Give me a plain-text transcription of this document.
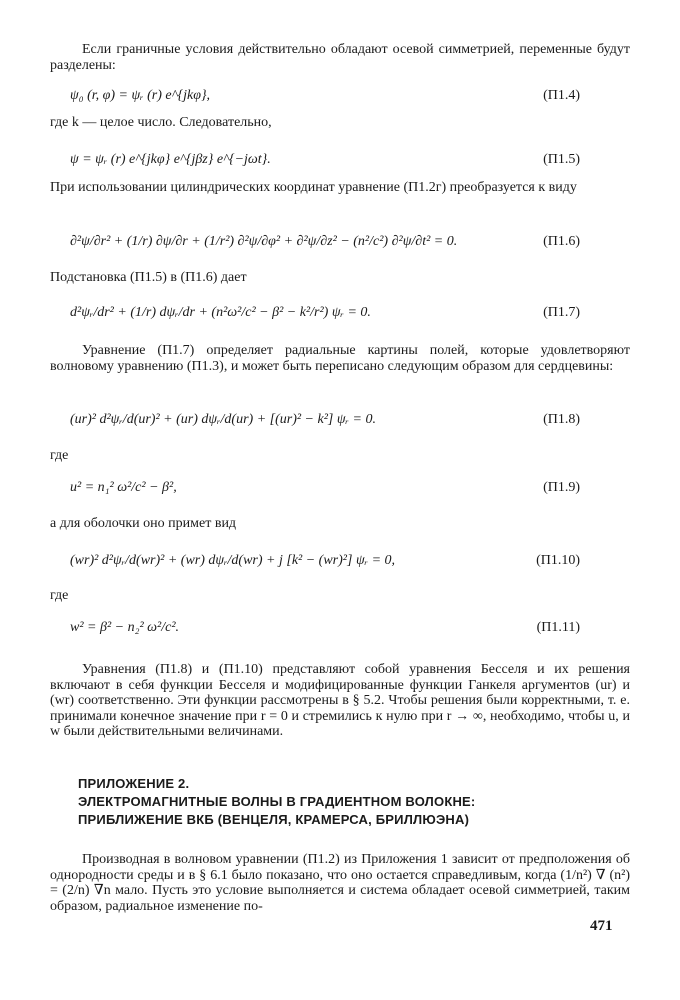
Если граничные условия действительно обладают осевой симметрией, переменные будут разделены:
ψ₀ (r, φ) = ψᵣ (r) e^{jkφ},	(П1.4)
где k — целое число. Следовательно,
ψ = ψᵣ (r) e^{jkφ} e^{jβz} e^{−jωt}.	(П1.5)
При использовании цилиндрических координат уравнение (П1.2г) преобразуется к виду
∂²ψ/∂r² + (1/r) ∂ψ/∂r + (1/r²) ∂²ψ/∂φ² + ∂²ψ/∂z² − (n²/c²) ∂²ψ/∂t² = 0.	(П1.6)
Подстановка (П1.5) в (П1.6) дает
d²ψᵣ/dr² + (1/r) dψᵣ/dr + (n²ω²/c² − β² − k²/r²) ψᵣ = 0.	(П1.7)
Уравнение (П1.7) определяет радиальные картины полей, которые удовлетворяют волновому уравнению (П1.3), и может быть переписано следующим образом для сердцевины:
(ur)² d²ψᵣ/d(ur)² + (ur) dψᵣ/d(ur) + [(ur)² − k²] ψᵣ = 0.	(П1.8)
где
u² = n₁² ω²/c² − β²,	(П1.9)
а для оболочки оно примет вид
(wr)² d²ψᵣ/d(wr)² + (wr) dψᵣ/d(wr) + j [k² − (wr)²] ψᵣ = 0,	(П1.10)
где
w² = β² − n₂² ω²/c².	(П1.11)
Уравнения (П1.8) и (П1.10) представляют собой уравнения Бесселя и их решения включают в себя функции Бесселя и модифицированные функции Ганкеля аргументов (ur) и (wr) соответственно. Эти функции рассмотрены в § 5.2. Чтобы решения были корректными, т. е. принимали конечное значение при r = 0 и стремились к нулю при r → ∞, необходимо, чтобы u, и w были действительными величинами.
ПРИЛОЖЕНИЕ 2.
ЭЛЕКТРОМАГНИТНЫЕ ВОЛНЫ В ГРАДИЕНТНОМ ВОЛОКНЕ:
ПРИБЛИЖЕНИЕ ВКБ (ВЕНЦЕЛЯ, КРАМЕРСА, БРИЛЛЮЭНА)
Производная в волновом уравнении (П1.2) из Приложения 1 зависит от предположения об однородности среды и в § 6.1 было показано, что оно остается справедливым, когда (1/n²) ∇ (n²) = (2/n) ∇n мало. Пусть это условие выполняется и система обладает осевой симметрией, таким образом, радиальное изменение по-
471
